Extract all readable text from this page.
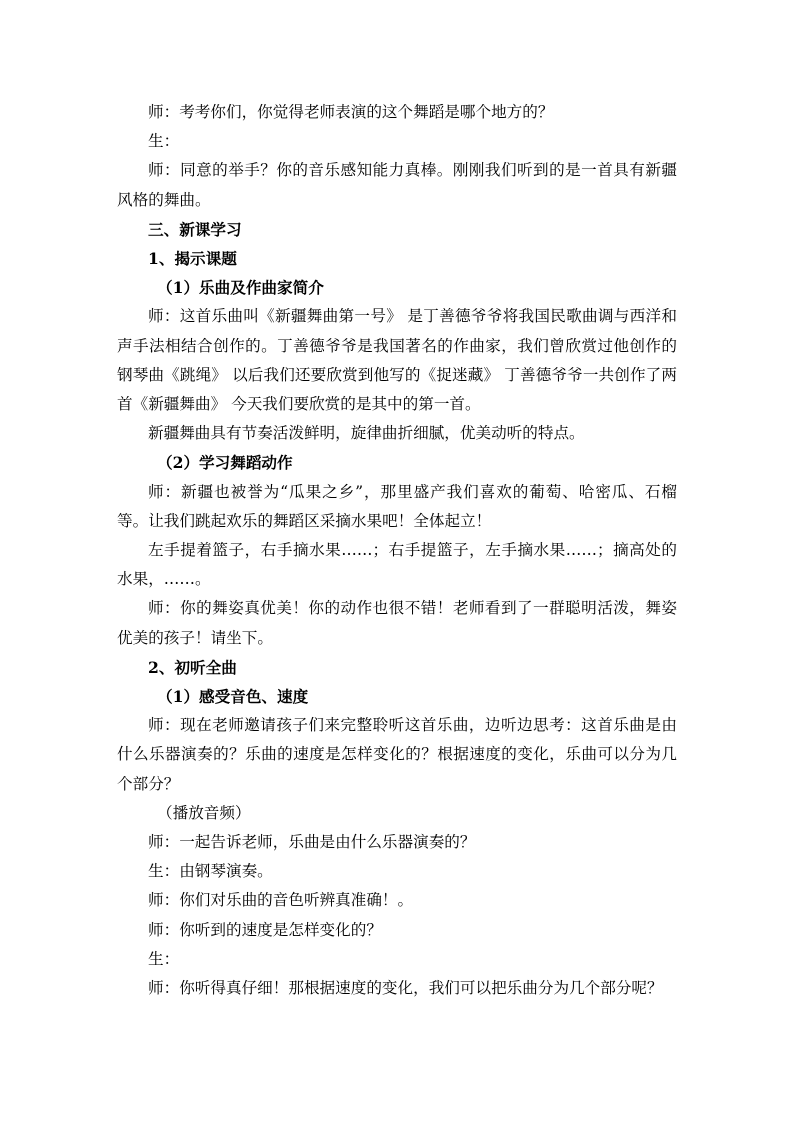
师：考考你们，你觉得老师表演的这个舞蹈是哪个地方的？

生：

师：同意的举手？你的音乐感知能力真棒。刚刚我们听到的是一首具有新疆风格的舞曲。

三、新课学习

1、揭示课题

（1）乐曲及作曲家简介

师：这首乐曲叫《新疆舞曲第一号》 是丁善德爷爷将我国民歌曲调与西洋和声手法相结合创作的。丁善德爷爷是我国著名的作曲家，我们曾欣赏过他创作的钢琴曲《跳绳》 以后我们还要欣赏到他写的《捉迷藏》 丁善德爷爷一共创作了两首《新疆舞曲》 今天我们要欣赏的是其中的第一首。

新疆舞曲具有节奏活泼鲜明，旋律曲折细腻，优美动听的特点。

（2）学习舞蹈动作

师：新疆也被誉为“瓜果之乡”，那里盛产我们喜欢的葡萄、哈密瓜、石榴等。让我们跳起欢乐的舞蹈区采摘水果吧！全体起立！

左手提着篮子，右手摘水果……；右手提篮子，左手摘水果……；摘高处的水果，……。

师：你的舞姿真优美！你的动作也很不错！老师看到了一群聪明活泼，舞姿优美的孩子！请坐下。

2、初听全曲

（1）感受音色、速度

师：现在老师邀请孩子们来完整聆听这首乐曲，边听边思考：这首乐曲是由什么乐器演奏的？乐曲的速度是怎样变化的？根据速度的变化，乐曲可以分为几个部分？

（播放音频）

师：一起告诉老师，乐曲是由什么乐器演奏的？

生：由钢琴演奏。

师：你们对乐曲的音色听辨真准确！。

师：你听到的速度是怎样变化的？

生：

师：你听得真仔细！那根据速度的变化，我们可以把乐曲分为几个部分呢？
